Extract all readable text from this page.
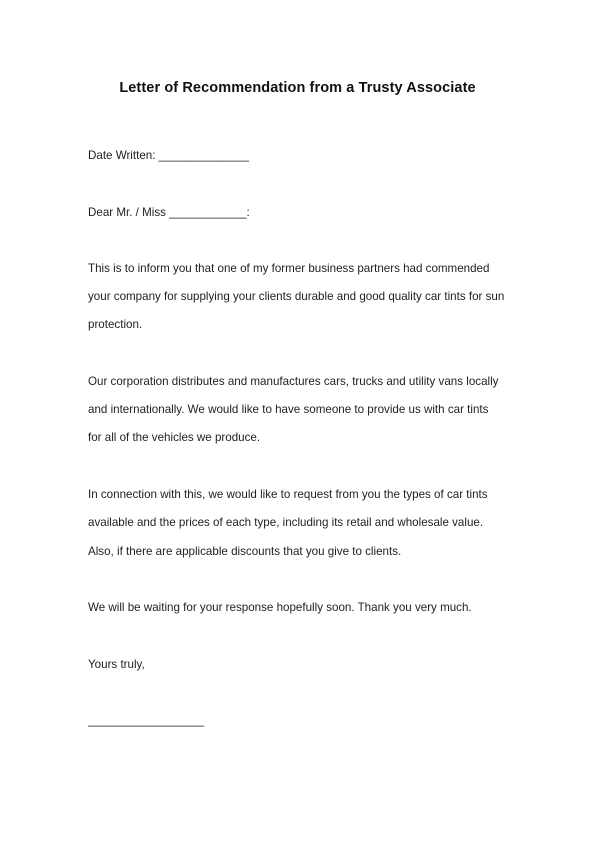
Letter of Recommendation from a Trusty Associate
Date Written: ______________
Dear Mr. / Miss ____________:
This is to inform you that one of my former business partners had commended
your company for supplying your clients durable and good quality car tints for sun
protection.
Our corporation distributes and manufactures cars, trucks and utility vans locally
and internationally. We would like to have someone to provide us with car tints
for all of the vehicles we produce.
In connection with this, we would like to request from you the types of car tints
available and the prices of each type, including its retail and wholesale value.
Also, if there are applicable discounts that you give to clients.
We will be waiting for your response hopefully soon. Thank you very much.
Yours truly,
__________________
